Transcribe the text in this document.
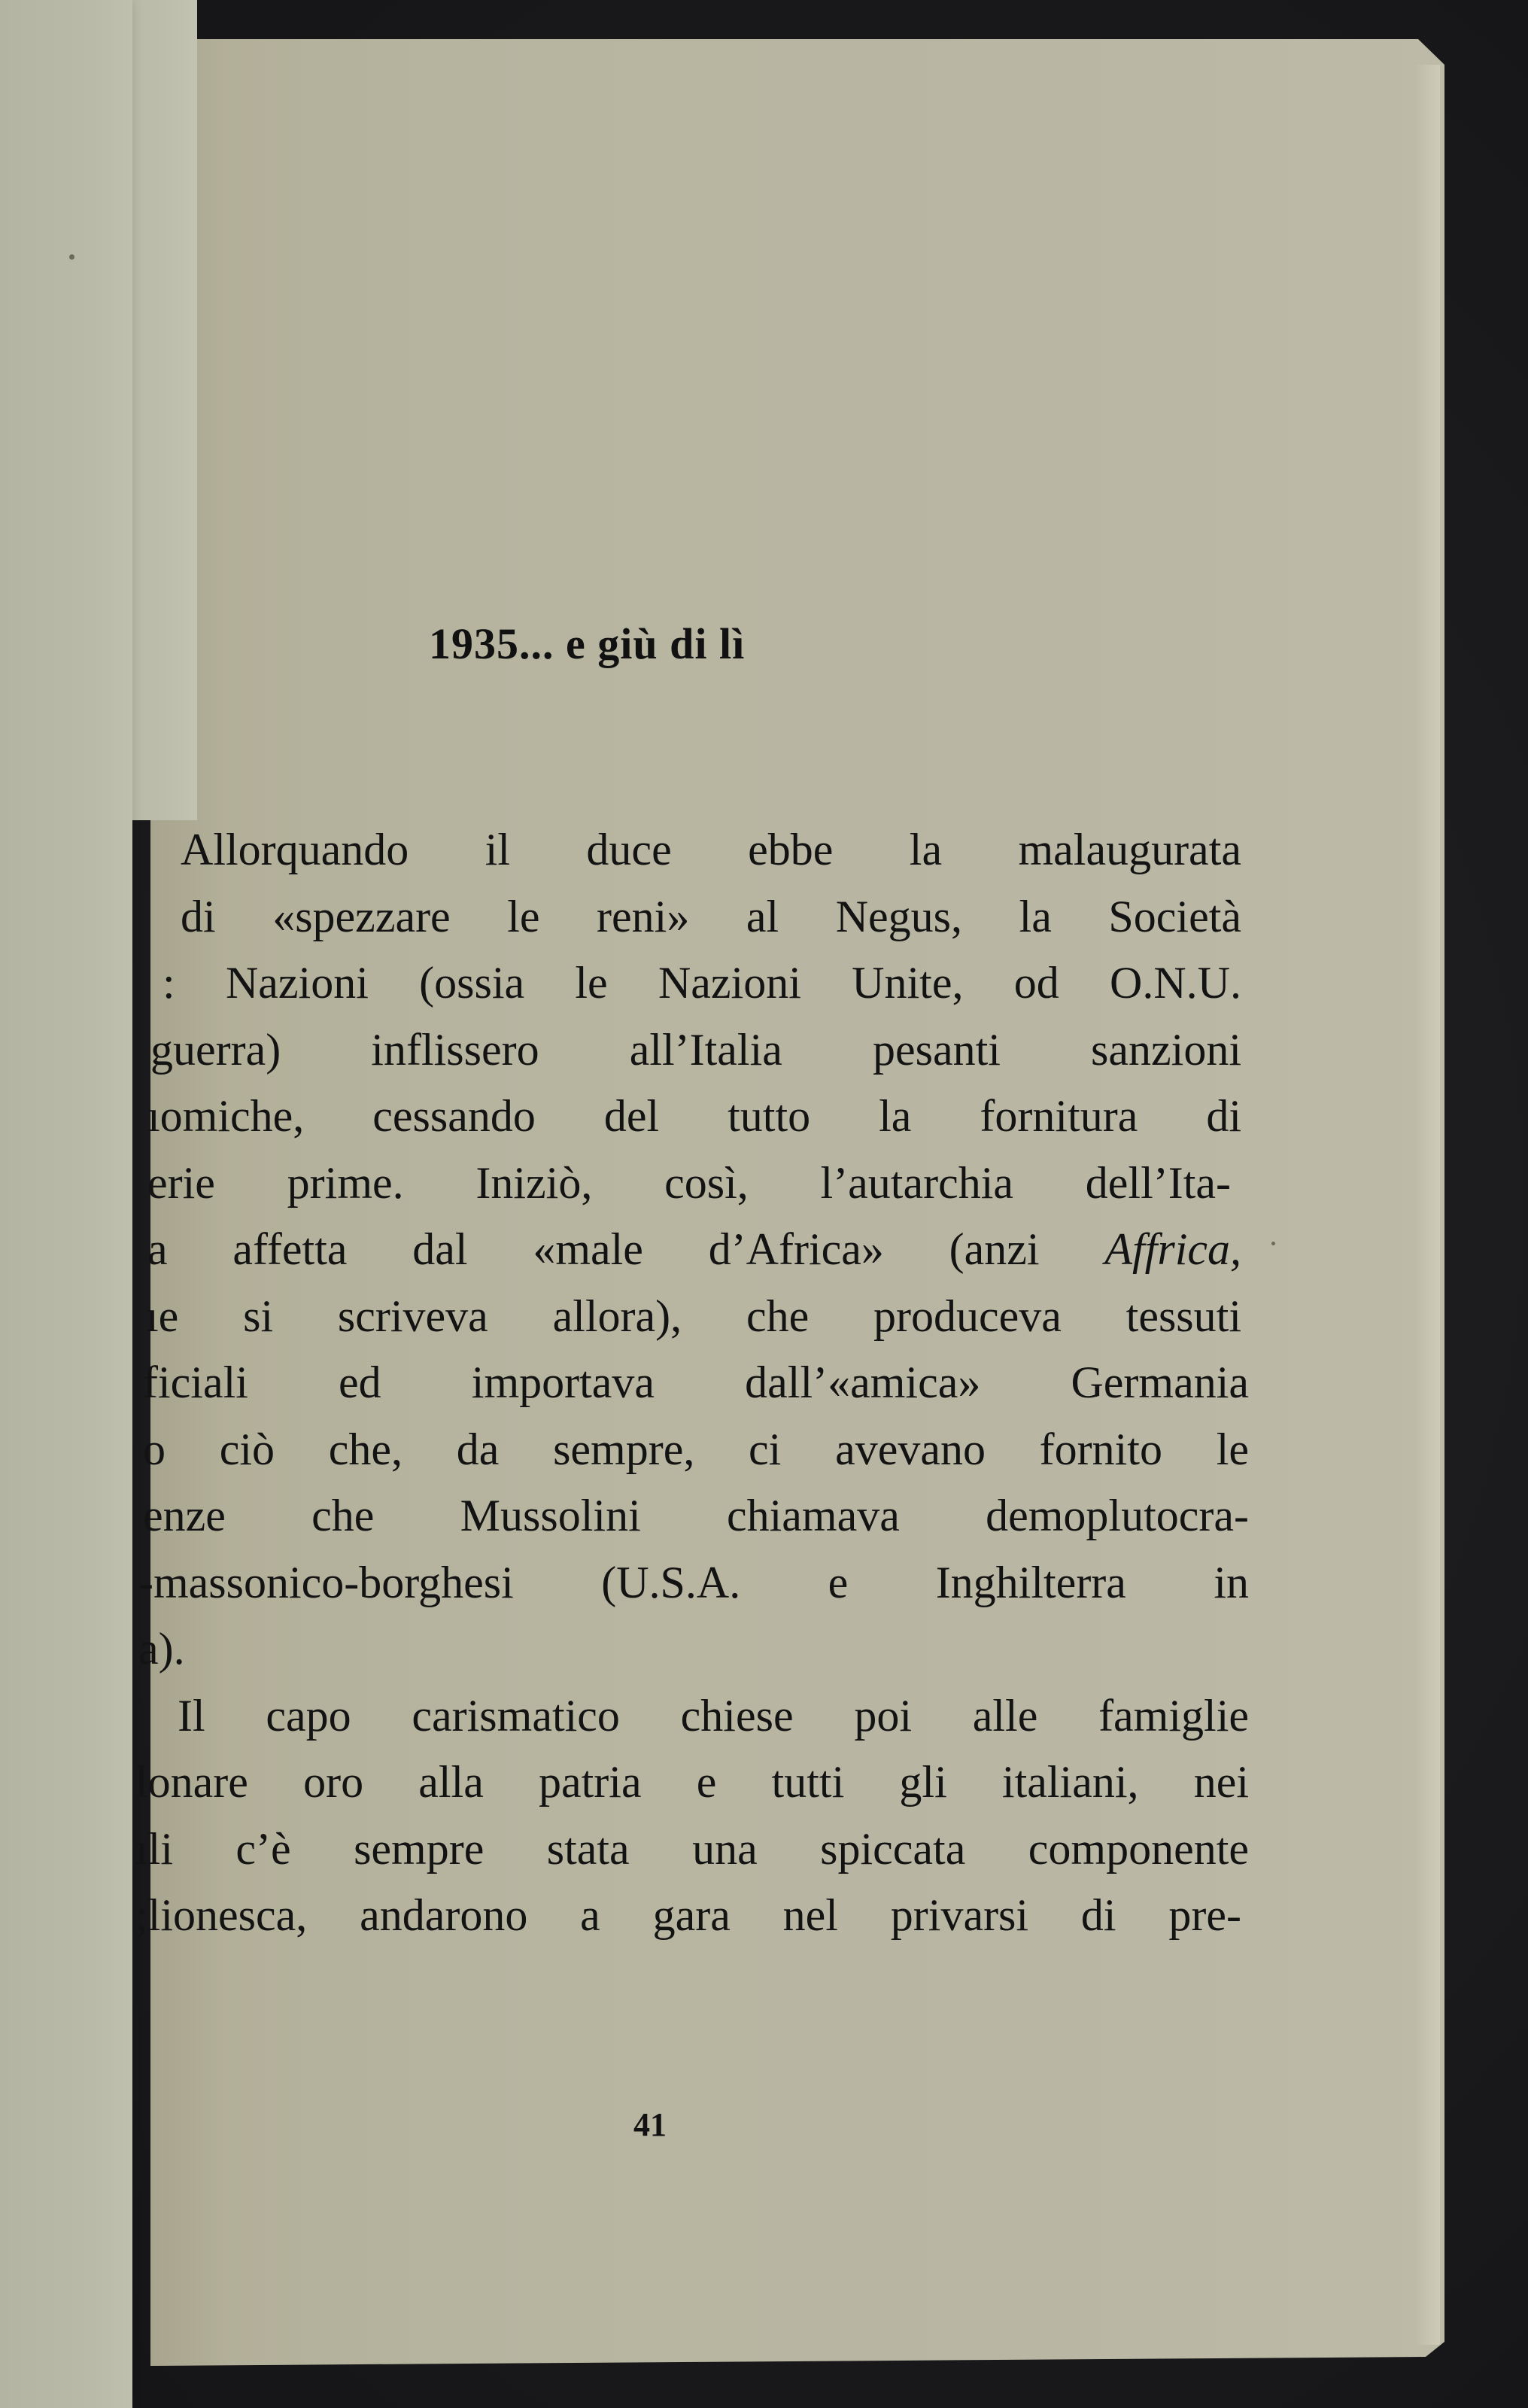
1935... e giù di lì
Allorquando il duce ebbe la malaugurata
di «spezzare le reni» al Negus, la Società
: Nazioni (ossia le Nazioni Unite, od O.N.U.
guerra) inflissero all’Italia pesanti sanzioni
ıomiche, cessando del tutto la fornitura di
erie prime. Iniziò, così, l’autarchia dell’Ita-
a affetta dal «male d’Africa» (anzi Affrica,
ıe si scriveva allora), che produceva tessuti
ficiali ed importava dall’«amica» Germania
o ciò che, da sempre, ci avevano fornito le
enze che Mussolini chiamava demoplutocra-
-massonico-borghesi (U.S.A. e Inghilterra in
a).
Il capo carismatico chiese poi alle famiglie
lonare oro alla patria e tutti gli italiani, nei
ıli c’è sempre stata una spiccata componente
;lionesca, andarono a gara nel privarsi di pre-
41
